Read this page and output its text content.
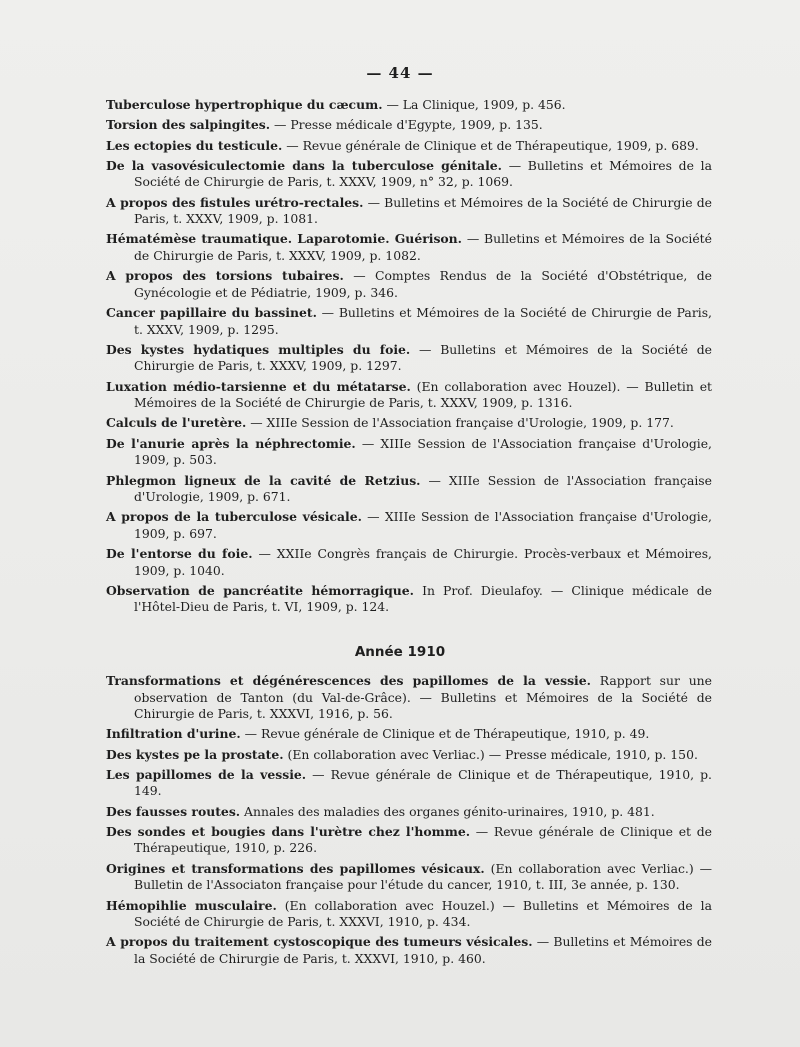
— 44 —

Tuberculose hypertrophique du cæcum. — La Clinique, 1909, p. 456.

Torsion des salpingites. — Presse médicale d'Egypte, 1909, p. 135.

Les ectopies du testicule. — Revue générale de Clinique et de Thérapeutique, 1909, p. 689.

De la vasovésiculectomie dans la tuberculose génitale. — Bulletins et Mémoires de la Société de Chirurgie de Paris, t. XXXV, 1909, n° 32, p. 1069.

A propos des fistules urétro-rectales. — Bulletins et Mémoires de la Société de Chirurgie de Paris, t. XXXV, 1909, p. 1081.

Hématémèse traumatique. Laparotomie. Guérison. — Bulletins et Mémoires de la Société de Chirurgie de Paris, t. XXXV, 1909, p. 1082.

A propos des torsions tubaires. — Comptes Rendus de la Société d'Obstétrique, de Gynécologie et de Pédiatrie, 1909, p. 346.

Cancer papillaire du bassinet. — Bulletins et Mémoires de la Société de Chirurgie de Paris, t. XXXV, 1909, p. 1295.

Des kystes hydatiques multiples du foie. — Bulletins et Mémoires de la Société de Chirurgie de Paris, t. XXXV, 1909, p. 1297.

Luxation médio-tarsienne et du métatarse. (En collaboration avec Houzel). — Bulletin et Mémoires de la Société de Chirurgie de Paris, t. XXXV, 1909, p. 1316.

Calculs de l'uretère. — XIIIe Session de l'Association française d'Urologie, 1909, p. 177.

De l'anurie après la néphrectomie. — XIIIe Session de l'Association française d'Urologie, 1909, p. 503.

Phlegmon ligneux de la cavité de Retzius. — XIIIe Session de l'Association française d'Urologie, 1909, p. 671.

A propos de la tuberculose vésicale. — XIIIe Session de l'Association française d'Urologie, 1909, p. 697.

De l'entorse du foie. — XXIIe Congrès français de Chirurgie. Procès-verbaux et Mémoires, 1909, p. 1040.

Observation de pancréatite hémorragique. In Prof. Dieulafoy. — Clinique médicale de l'Hôtel-Dieu de Paris, t. VI, 1909, p. 124.

Année 1910

Transformations et dégénérescences des papillomes de la vessie. Rapport sur une observation de Tanton (du Val-de-Grâce). — Bulletins et Mémoires de la Société de Chirurgie de Paris, t. XXXVI, 1916, p. 56.

Infiltration d'urine. — Revue générale de Clinique et de Thérapeutique, 1910, p. 49.

Des kystes pe la prostate. (En collaboration avec Verliac.) — Presse médicale, 1910, p. 150.

Les papillomes de la vessie. — Revue générale de Clinique et de Thérapeutique, 1910, p. 149.

Des fausses routes. Annales des maladies des organes génito-urinaires, 1910, p. 481.

Des sondes et bougies dans l'urètre chez l'homme. — Revue générale de Clinique et de Thérapeutique, 1910, p. 226.

Origines et transformations des papillomes vésicaux. (En collaboration avec Verliac.) — Bulletin de l'Associaton française pour l'étude du cancer, 1910, t. III, 3e année, p. 130.

Hémopihlie musculaire. (En collaboration avec Houzel.) — Bulletins et Mémoires de la Société de Chirurgie de Paris, t. XXXVI, 1910, p. 434.

A propos du traitement cystoscopique des tumeurs vésicales. — Bulletins et Mémoires de la Société de Chirurgie de Paris, t. XXXVI, 1910, p. 460.
